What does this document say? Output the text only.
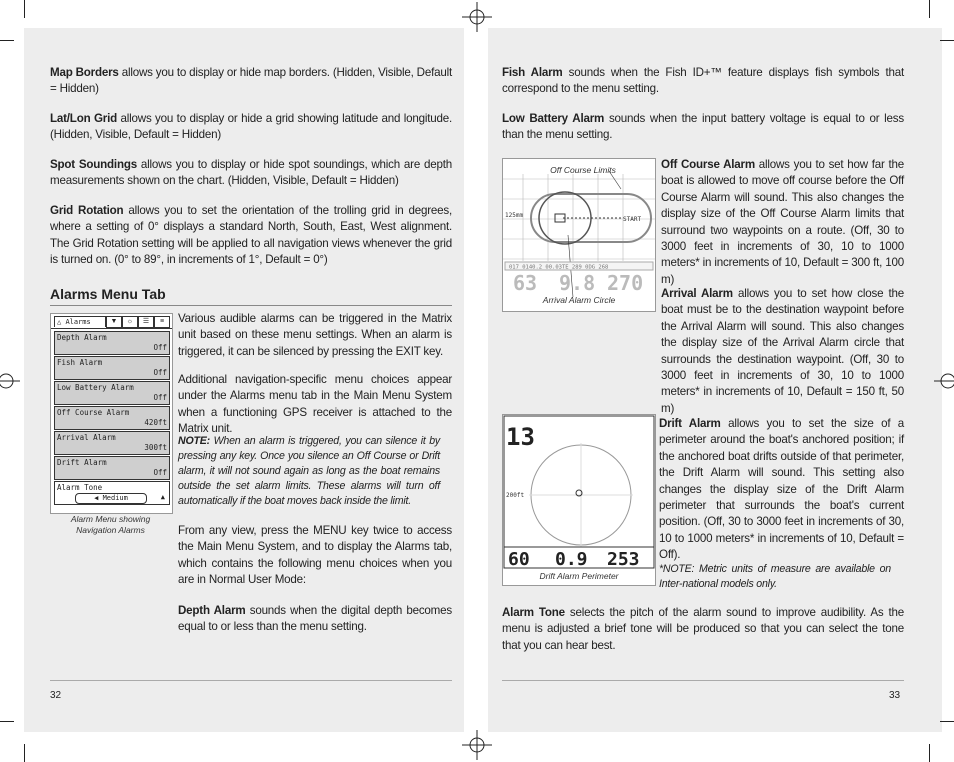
Map Borders allows you to display or hide map borders. (Hidden, Visible, Default = Hidden)

Lat/Lon Grid allows you to display or hide a grid showing latitude and longitude. (Hidden, Visible, Default = Hidden)

Spot Soundings allows you to display or hide spot soundings, which are depth measurements shown on the chart. (Hidden, Visible, Default = Hidden)

Grid Rotation allows you to set the orientation of the trolling grid in degrees, where a setting of 0° displays a standard North, South, East, West alignment. The Grid Rotation setting will be applied to all navigation views whenever the grid is turned on. (0° to 89°, in increments of 1°, Default = 0°)

Alarms Menu Tab
△ Alarms	▼	☼	☰	≡
Depth Alarm
Off
Fish Alarm
Off
Low Battery Alarm
Off
Off Course Alarm
420ft
Arrival Alarm
300ft
Drift Alarm
Off
Alarm Tone
◀ Medium	▲
Alarm Menu showing
Navigation Alarms

Various audible alarms can be triggered in the Matrix unit based on these menu settings. When an alarm is triggered, it can be silenced by pressing the EXIT key.

Additional navigation-specific menu choices appear under the Alarms menu tab in the Main Menu System when a functioning GPS receiver is attached to the Matrix unit.

NOTE: When an alarm is triggered, you can silence it by pressing any key. Once you silence an Off Course or Drift alarm, it will not sound again as long as the boat remains outside the set alarm limits. These alarms will turn off automatically if the boat moves back inside the limit.

From any view, press the MENU key twice to access the Main Menu System, and to display the Alarms tab, which contains the following menu choices when you are in Normal User Mode:

Depth Alarm sounds when the digital depth becomes equal to or less than the menu setting.

32

Fish Alarm sounds when the Fish ID+™ feature displays fish symbols that correspond to the menu setting.

Low Battery Alarm sounds when the input battery voltage is equal to or less than the menu setting.

START
125mm
017 0140.2 00.03TE 289 0DG 268
63 9.8 270
Off Course Limits
Arrival Alarm Circle

Off Course Alarm allows you to set how far the boat is allowed to move off course before the Off Course Alarm will sound. This also changes the display size of the Off Course Alarm limits that surround two waypoints on a route. (Off, 30 to 3000 feet in increments of 30, 10 to 1000 meters* in increments of 10, Default = 300 ft, 100 m)

Arrival Alarm allows you to set how close the boat must be to the destination waypoint before the Arrival Alarm will sound. This also changes the display size of the Arrival Alarm circle that surrounds the destination waypoint. (Off, 30 to 3000 feet in increments of 30, 10 to 1000 meters* in increments of 10, Default = 150 ft, 50 m)

200ft
13
60 0.9 253
Drift Alarm Perimeter

Drift Alarm allows you to set the size of a perimeter around the boat's anchored position; if the anchored boat drifts outside of that perimeter, the Drift Alarm will sound. This setting also changes the display size of the Drift Alarm perimeter that surrounds the boat's current position. (Off, 30 to 3000 feet in increments of 30, 10 to 1000 meters* in increments of 10, Default = Off).

*NOTE: Metric units of measure are available on Inter-national models only.

Alarm Tone selects the pitch of the alarm sound to improve audibility. As the menu is adjusted a brief tone will be produced so that you can select the tone that you can hear best.

33
